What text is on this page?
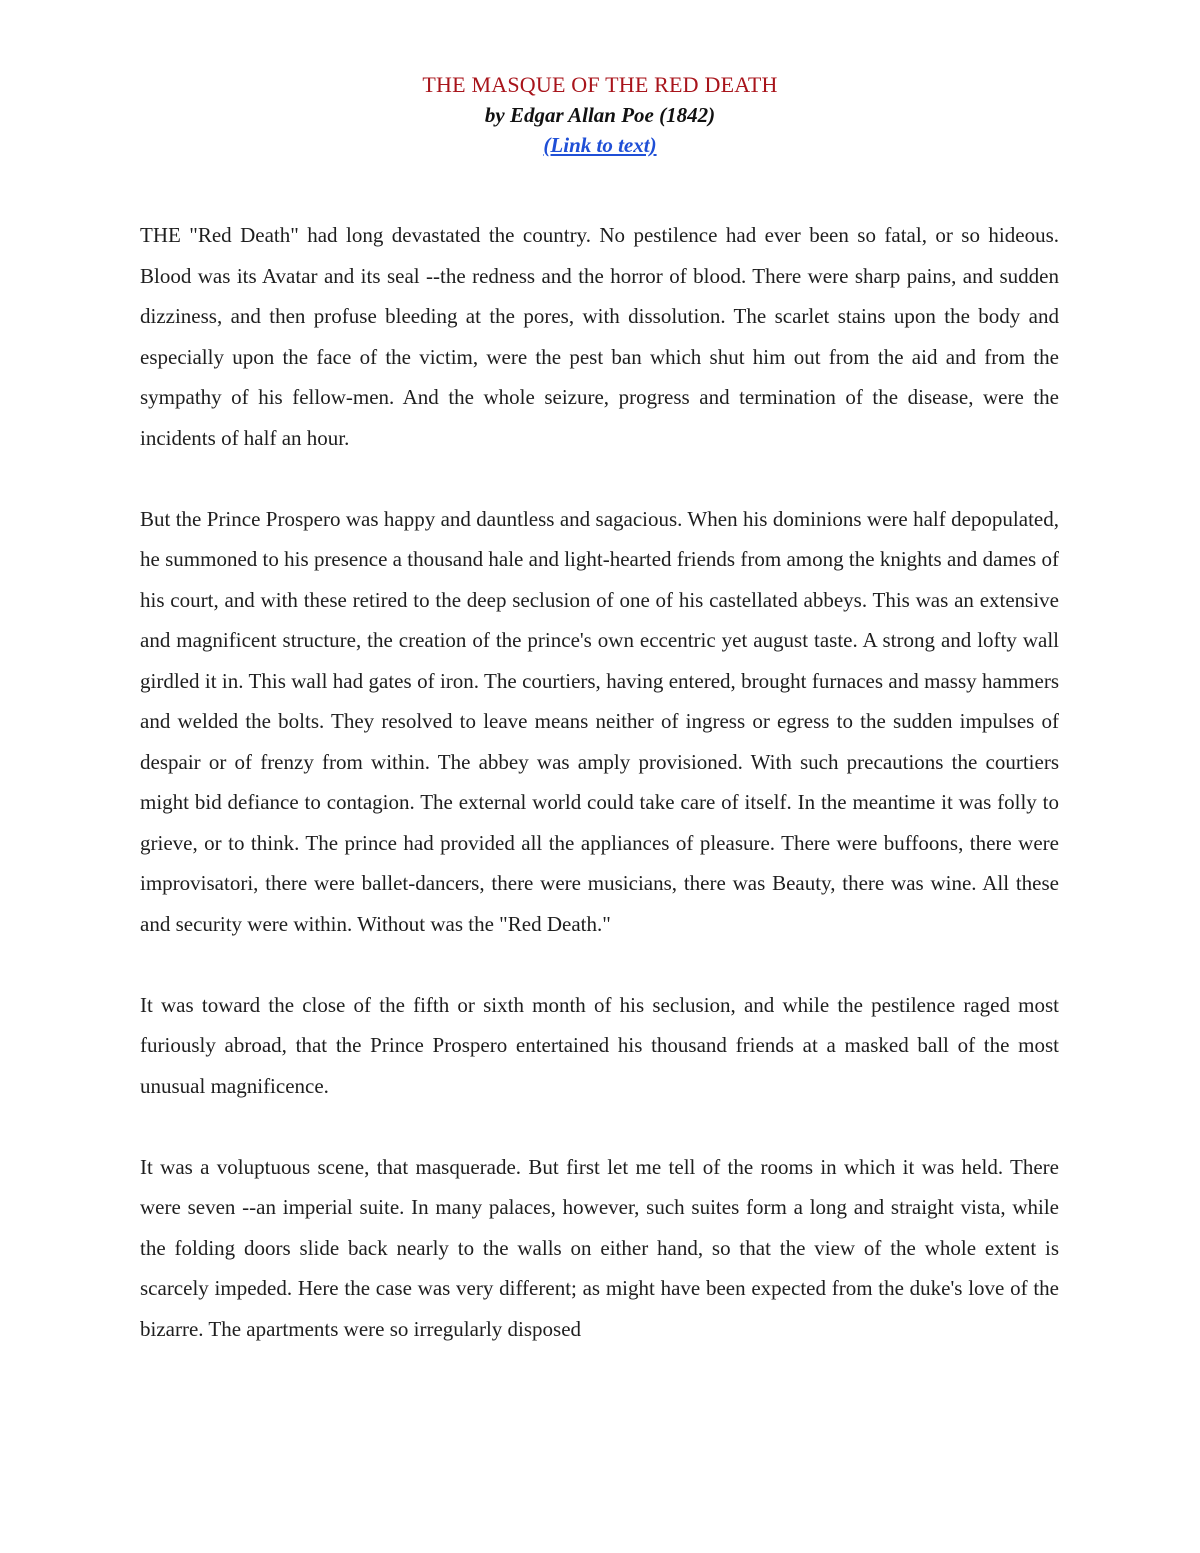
THE MASQUE OF THE RED DEATH

by Edgar Allan Poe (1842)

(Link to text)

THE "Red Death" had long devastated the country. No pestilence had ever been so fatal, or so hideous. Blood was its Avatar and its seal --the redness and the horror of blood. There were sharp pains, and sudden dizziness, and then profuse bleeding at the pores, with dissolution. The scarlet stains upon the body and especially upon the face of the victim, were the pest ban which shut him out from the aid and from the sympathy of his fellow-men. And the whole seizure, progress and termination of the disease, were the incidents of half an hour.

But the Prince Prospero was happy and dauntless and sagacious. When his dominions were half depopulated, he summoned to his presence a thousand hale and light-hearted friends from among the knights and dames of his court, and with these retired to the deep seclusion of one of his castellated abbeys. This was an extensive and magnificent structure, the creation of the prince's own eccentric yet august taste. A strong and lofty wall girdled it in. This wall had gates of iron. The courtiers, having entered, brought furnaces and massy hammers and welded the bolts. They resolved to leave means neither of ingress or egress to the sudden impulses of despair or of frenzy from within. The abbey was amply provisioned. With such precautions the courtiers might bid defiance to contagion. The external world could take care of itself. In the meantime it was folly to grieve, or to think. The prince had provided all the appliances of pleasure. There were buffoons, there were improvisatori, there were ballet-dancers, there were musicians, there was Beauty, there was wine. All these and security were within. Without was the "Red Death."

It was toward the close of the fifth or sixth month of his seclusion, and while the pestilence raged most furiously abroad, that the Prince Prospero entertained his thousand friends at a masked ball of the most unusual magnificence.

It was a voluptuous scene, that masquerade. But first let me tell of the rooms in which it was held. There were seven --an imperial suite. In many palaces, however, such suites form a long and straight vista, while the folding doors slide back nearly to the walls on either hand, so that the view of the whole extent is scarcely impeded. Here the case was very different; as might have been expected from the duke's love of the bizarre. The apartments were so irregularly disposed
